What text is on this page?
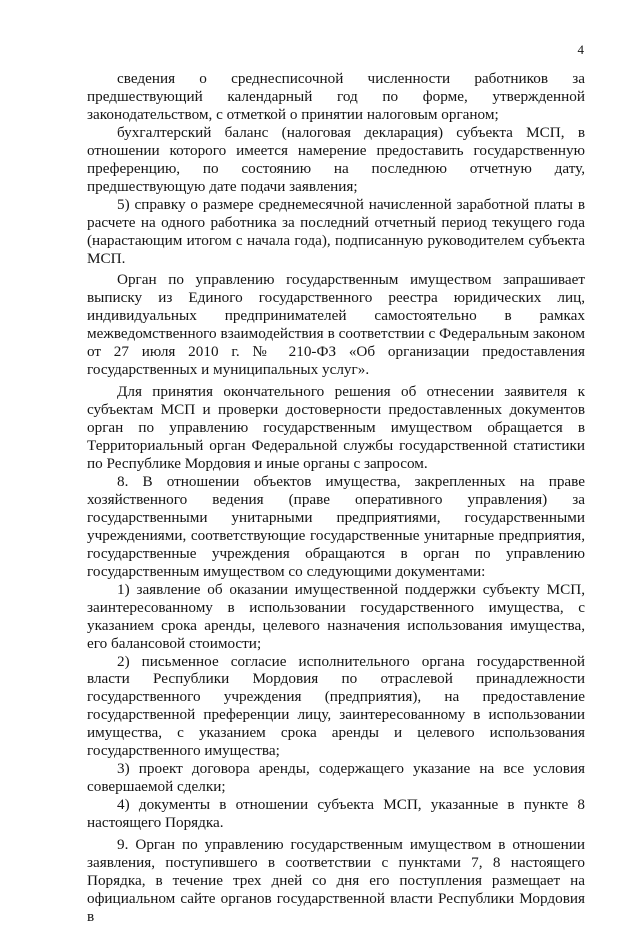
4

сведения о среднесписочной численности работников за предшествующий календарный год по форме, утвержденной законодательством, с отметкой о принятии налоговым органом;

бухгалтерский баланс (налоговая декларация) субъекта МСП, в отношении которого имеется намерение предоставить государственную преференцию, по состоянию на последнюю отчетную дату, предшествующую дате подачи заявления;

5) справку о размере среднемесячной начисленной заработной платы в расчете на одного работника за последний отчетный период текущего года (нарастающим итогом с начала года), подписанную руководителем субъекта МСП.

Орган по управлению государственным имуществом запрашивает выписку из Единого государственного реестра юридических лиц, индивидуальных предпринимателей самостоятельно в рамках межведомственного взаимодействия в соответствии с Федеральным законом от 27 июля 2010 г. № 210-ФЗ «Об организации предоставления государственных и муниципальных услуг».

Для принятия окончательного решения об отнесении заявителя к субъектам МСП и проверки достоверности предоставленных документов орган по управлению государственным имуществом обращается в Территориальный орган Федеральной службы государственной статистики по Республике Мордовия и иные органы с запросом.

8. В отношении объектов имущества, закрепленных на праве хозяйственного ведения (праве оперативного управления) за государственными унитарными предприятиями, государственными учреждениями, соответствующие государственные унитарные предприятия, государственные учреждения обращаются в орган по управлению государственным имуществом со следующими документами:

1) заявление об оказании имущественной поддержки субъекту МСП, заинтересованному в использовании государственного имущества, с указанием срока аренды, целевого назначения использования имущества, его балансовой стоимости;

2) письменное согласие исполнительного органа государственной власти Республики Мордовия по отраслевой принадлежности государственного учреждения (предприятия), на предоставление государственной преференции лицу, заинтересованному в использовании имущества, с указанием срока аренды и целевого использования государственного имущества;

3) проект договора аренды, содержащего указание на все условия совершаемой сделки;

4) документы в отношении субъекта МСП, указанные в пункте 8 настоящего Порядка.

9. Орган по управлению государственным имуществом в отношении заявления, поступившего в соответствии с пунктами 7, 8 настоящего Порядка, в течение трех дней со дня его поступления размещает на официальном сайте органов государственной власти Республики Мордовия в
